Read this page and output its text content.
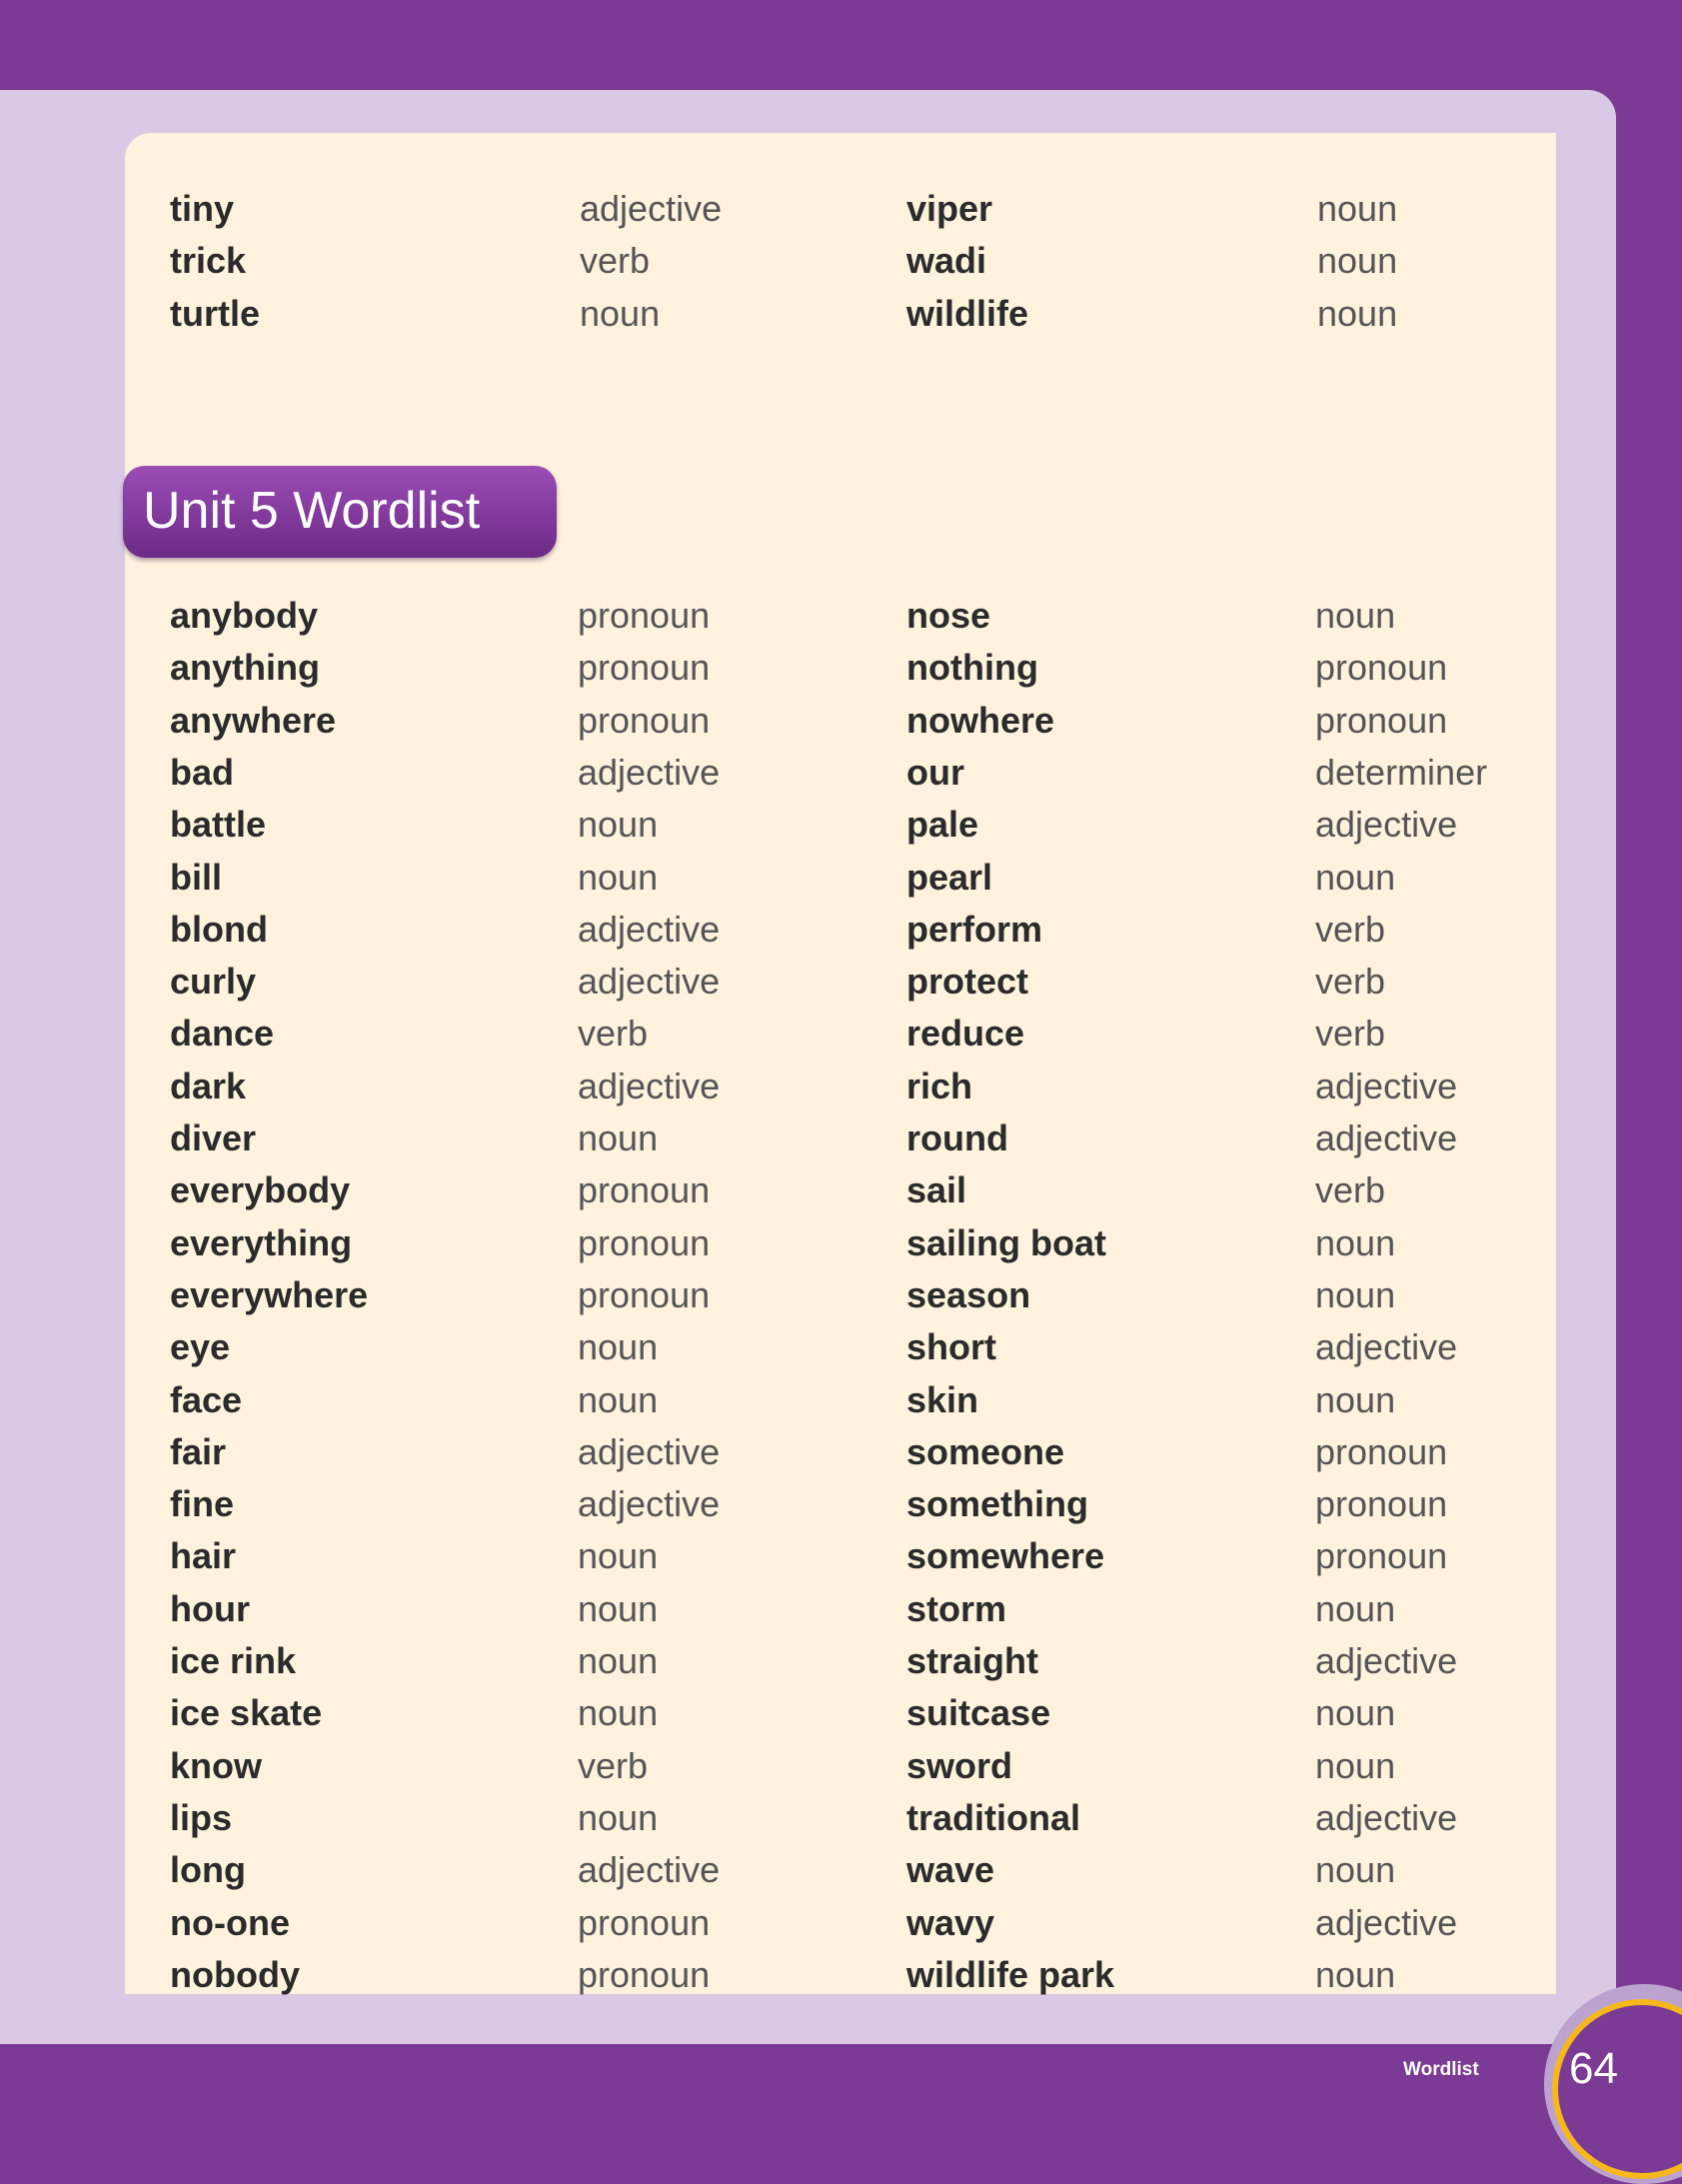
tiny	adjective	viper	noun
trick	verb	wadi	noun
turtle	noun	wildlife	noun
Unit 5 Wordlist
anybody	pronoun	nose	noun
anything	pronoun	nothing	pronoun
anywhere	pronoun	nowhere	pronoun
bad	adjective	our	determiner
battle	noun	pale	adjective
bill	noun	pearl	noun
blond	adjective	perform	verb
curly	adjective	protect	verb
dance	verb	reduce	verb
dark	adjective	rich	adjective
diver	noun	round	adjective
everybody	pronoun	sail	verb
everything	pronoun	sailing boat	noun
everywhere	pronoun	season	noun
eye	noun	short	adjective
face	noun	skin	noun
fair	adjective	someone	pronoun
fine	adjective	something	pronoun
hair	noun	somewhere	pronoun
hour	noun	storm	noun
ice rink	noun	straight	adjective
ice skate	noun	suitcase	noun
know	verb	sword	noun
lips	noun	traditional	adjective
long	adjective	wave	noun
no-one	pronoun	wavy	adjective
nobody	pronoun	wildlife park	noun
Wordlist 64
